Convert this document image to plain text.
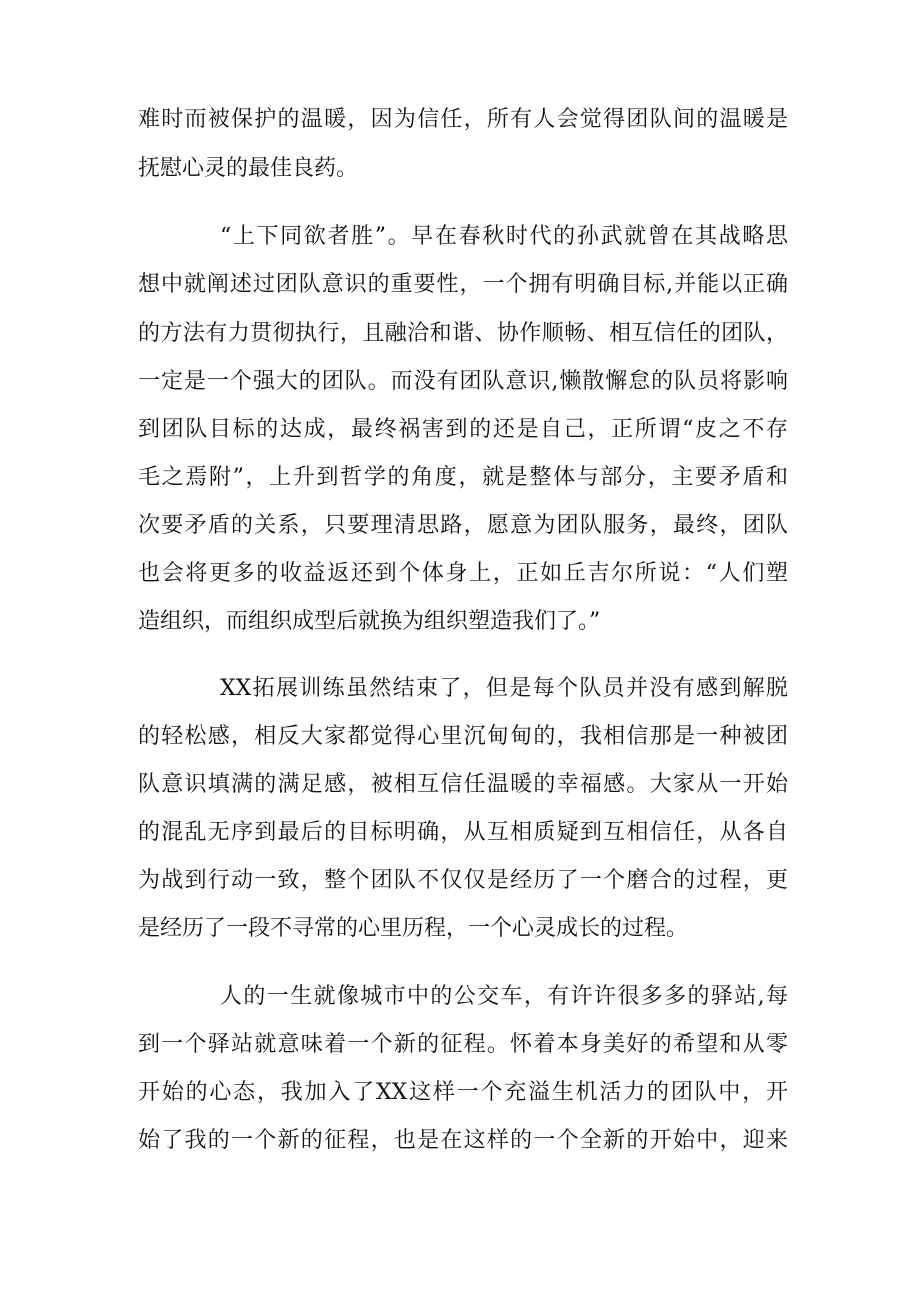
难时而被保护的温暖，因为信任，所有人会觉得团队间的温暖是
抚慰心灵的最佳良药。
“上下同欲者胜”。早在春秋时代的孙武就曾在其战略思
想中就阐述过团队意识的重要性，一个拥有明确目标,并能以正确
的方法有力贯彻执行，且融洽和谐、协作顺畅、相互信任的团队，
一定是一个强大的团队。而没有团队意识,懒散懈怠的队员将影响
到团队目标的达成，最终祸害到的还是自己，正所谓“皮之不存
毛之焉附”，上升到哲学的角度，就是整体与部分，主要矛盾和
次要矛盾的关系，只要理清思路，愿意为团队服务，最终，团队
也会将更多的收益返还到个体身上，正如丘吉尔所说：“人们塑
造组织，而组织成型后就换为组织塑造我们了。”
XX拓展训练虽然结束了，但是每个队员并没有感到解脱
的轻松感，相反大家都觉得心里沉甸甸的，我相信那是一种被团
队意识填满的满足感，被相互信任温暖的幸福感。大家从一开始
的混乱无序到最后的目标明确，从互相质疑到互相信任，从各自
为战到行动一致，整个团队不仅仅是经历了一个磨合的过程，更
是经历了一段不寻常的心里历程，一个心灵成长的过程。
人的一生就像城市中的公交车，有许许很多多的驿站,每
到一个驿站就意味着一个新的征程。怀着本身美好的希望和从零
开始的心态，我加入了XX这样一个充溢生机活力的团队中，开
始了我的一个新的征程，也是在这样的一个全新的开始中，迎来
